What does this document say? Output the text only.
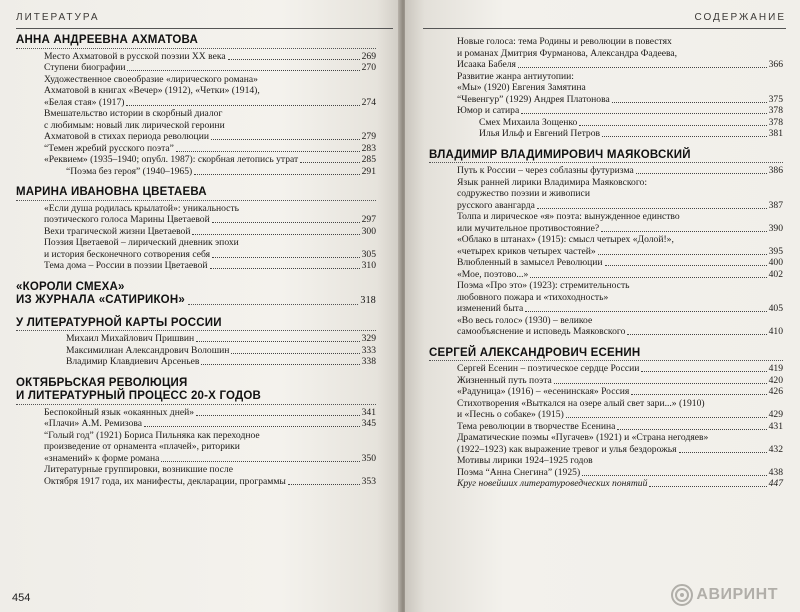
ЛИТЕРАТУРА
АННА АНДРЕЕВНА АХМАТОВА
Место Ахматовой в русской поэзии XX века	269
Ступени биографии	270
Художественное своеобразие «лирического романа»
Ахматовой в книгах «Вечер» (1912), «Четки» (1914),
«Белая стая» (1917)	274
Вмешательство истории в скорбный диалог
с любимым: новый лик лирической героини
Ахматовой в стихах периода революции	279
“Темен жребий русского поэта”	283
«Реквием» (1935–1940; опубл. 1987): скорбная летопись утрат	285
“Поэма без героя” (1940–1965)	291
МАРИНА ИВАНОВНА ЦВЕТАЕВА
«Если душа родилась крылатой»: уникальность
поэтического голоса Марины Цветаевой	297
Вехи трагической жизни Цветаевой	300
Поэзия Цветаевой – лирический дневник эпохи
и история бесконечного сотворения себя	305
Тема дома – России в поэзии Цветаевой	310
«КОРОЛИ СМЕХА»
ИЗ ЖУРНАЛА «САТИРИКОН»	318
У ЛИТЕРАТУРНОЙ КАРТЫ РОССИИ
Михаил Михайлович Пришвин	329
Максимилиан Александрович Волошин	333
Владимир Клавдиевич Арсеньев	338
ОКТЯБРЬСКАЯ РЕВОЛЮЦИЯ
И ЛИТЕРАТУРНЫЙ ПРОЦЕСС 20-Х ГОДОВ
Беспокойный язык «окаянных дней»	341
«Плачи» А.М. Ремизова	345
“Голый год” (1921) Бориса Пильняка как переходное
произведение от орнамента «плачей», риторики
«знамений» к форме романа	350
Литературные группировки, возникшие после
Октября 1917 года, их манифесты, декларации, программы	353
454
СОДЕРЖАНИЕ
Новые голоса: тема Родины и революции в повестях
и романах Дмитрия Фурманова, Александра Фадеева,
Исаака Бабеля	366
Развитие жанра антиутопии:
«Мы» (1920) Евгения Замятина
“Чевенгур” (1929) Андрея Платонова	375
Юмор и сатира	378
Смех Михаила Зощенко	378
Илья Ильф и Евгений Петров	381
ВЛАДИМИР ВЛАДИМИРОВИЧ МАЯКОВСКИЙ
Путь к России – через соблазны футуризма	386
Язык ранней лирики Владимира Маяковского:
содружество поэзии и живописи
русского авангарда	387
Толпа и лирическое «я» поэта: вынужденное единство
или мучительное противостояние?	390
«Облако в штанах» (1915): смысл четырех «Долой!»,
«четырех криков четырех частей»	395
Влюбленный в замысел Революции	400
«Мое, поэтово...»	402
Поэма «Про это» (1923): стремительность
любовного пожара и «тихоходность»
изменений быта	405
«Во весь голос» (1930) – великое
самообъяснение и исповедь Маяковского	410
СЕРГЕЙ АЛЕКСАНДРОВИЧ ЕСЕНИН
Сергей Есенин – поэтическое сердце России	419
Жизненный путь поэта	420
«Радуница» (1916) – «есенинская» Россия	426
Стихотворения «Выткался на озере алый свет зари...» (1910)
и «Песнь о собаке» (1915)	429
Тема революции в творчестве Есенина	431
Драматические поэмы «Пугачев» (1921) и «Страна негодяев»
(1922–1923) как выражение тревог и улья бездорожья	432
Мотивы лирики 1924–1925 годов
Поэма “Анна Снегина” (1925)	438
Круг новейших литературоведческих понятий	447
ABИРИНТ
